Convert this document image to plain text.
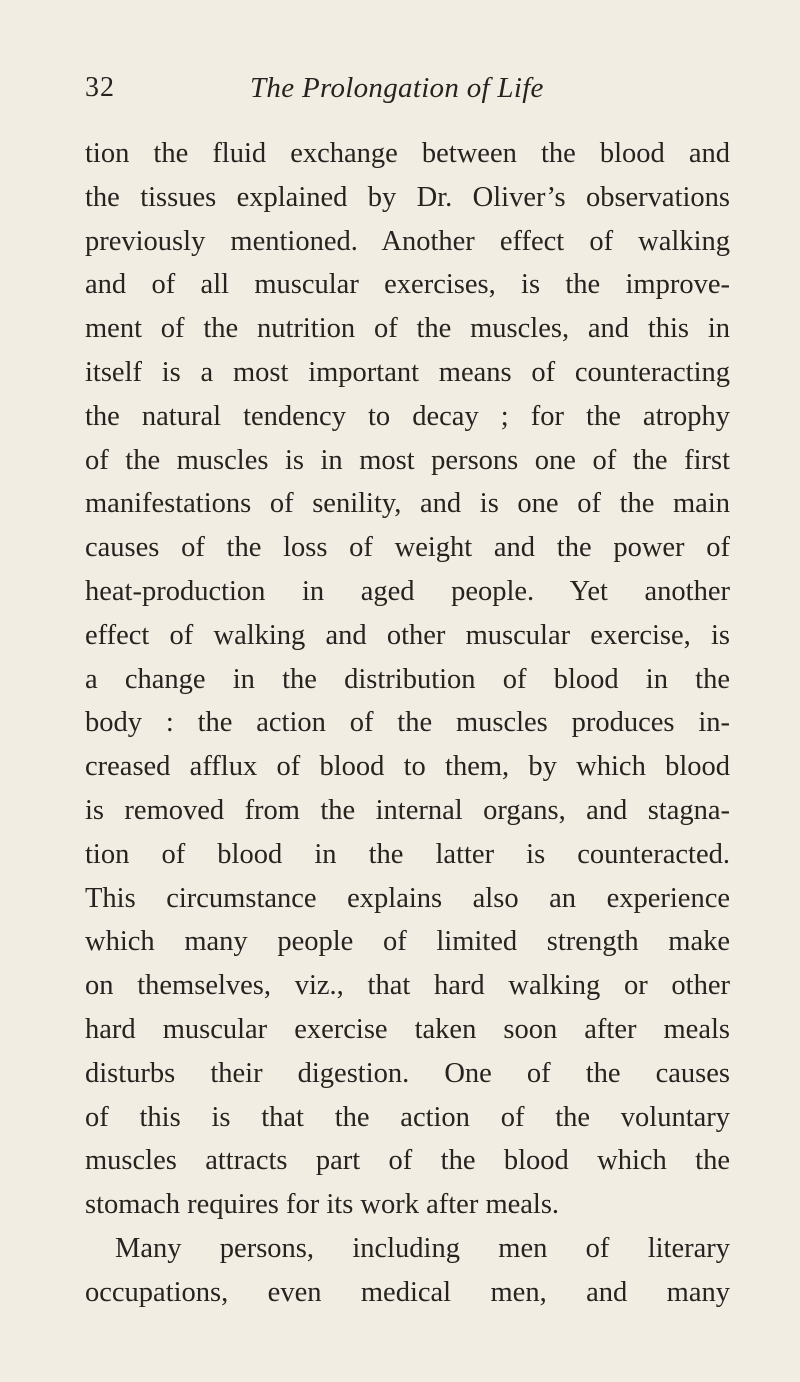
32	The Prolongation of Life
tion the fluid exchange between the blood and
the tissues explained by Dr. Oliver’s observations
previously mentioned. Another effect of walking
and of all muscular exercises, is the improve-
ment of the nutrition of the muscles, and this in
itself is a most important means of counteracting
the natural tendency to decay ; for the atrophy
of the muscles is in most persons one of the first
manifestations of senility, and is one of the main
causes of the loss of weight and the power of
heat-production in aged people. Yet another
effect of walking and other muscular exercise, is
a change in the distribution of blood in the
body : the action of the muscles produces in-
creased afflux of blood to them, by which blood
is removed from the internal organs, and stagna-
tion of blood in the latter is counteracted.
This circumstance explains also an experience
which many people of limited strength make
on themselves, viz., that hard walking or other
hard muscular exercise taken soon after meals
disturbs their digestion. One of the causes
of this is that the action of the voluntary
muscles attracts part of the blood which the
stomach requires for its work after meals.
Many persons, including men of literary
occupations, even medical men, and many
